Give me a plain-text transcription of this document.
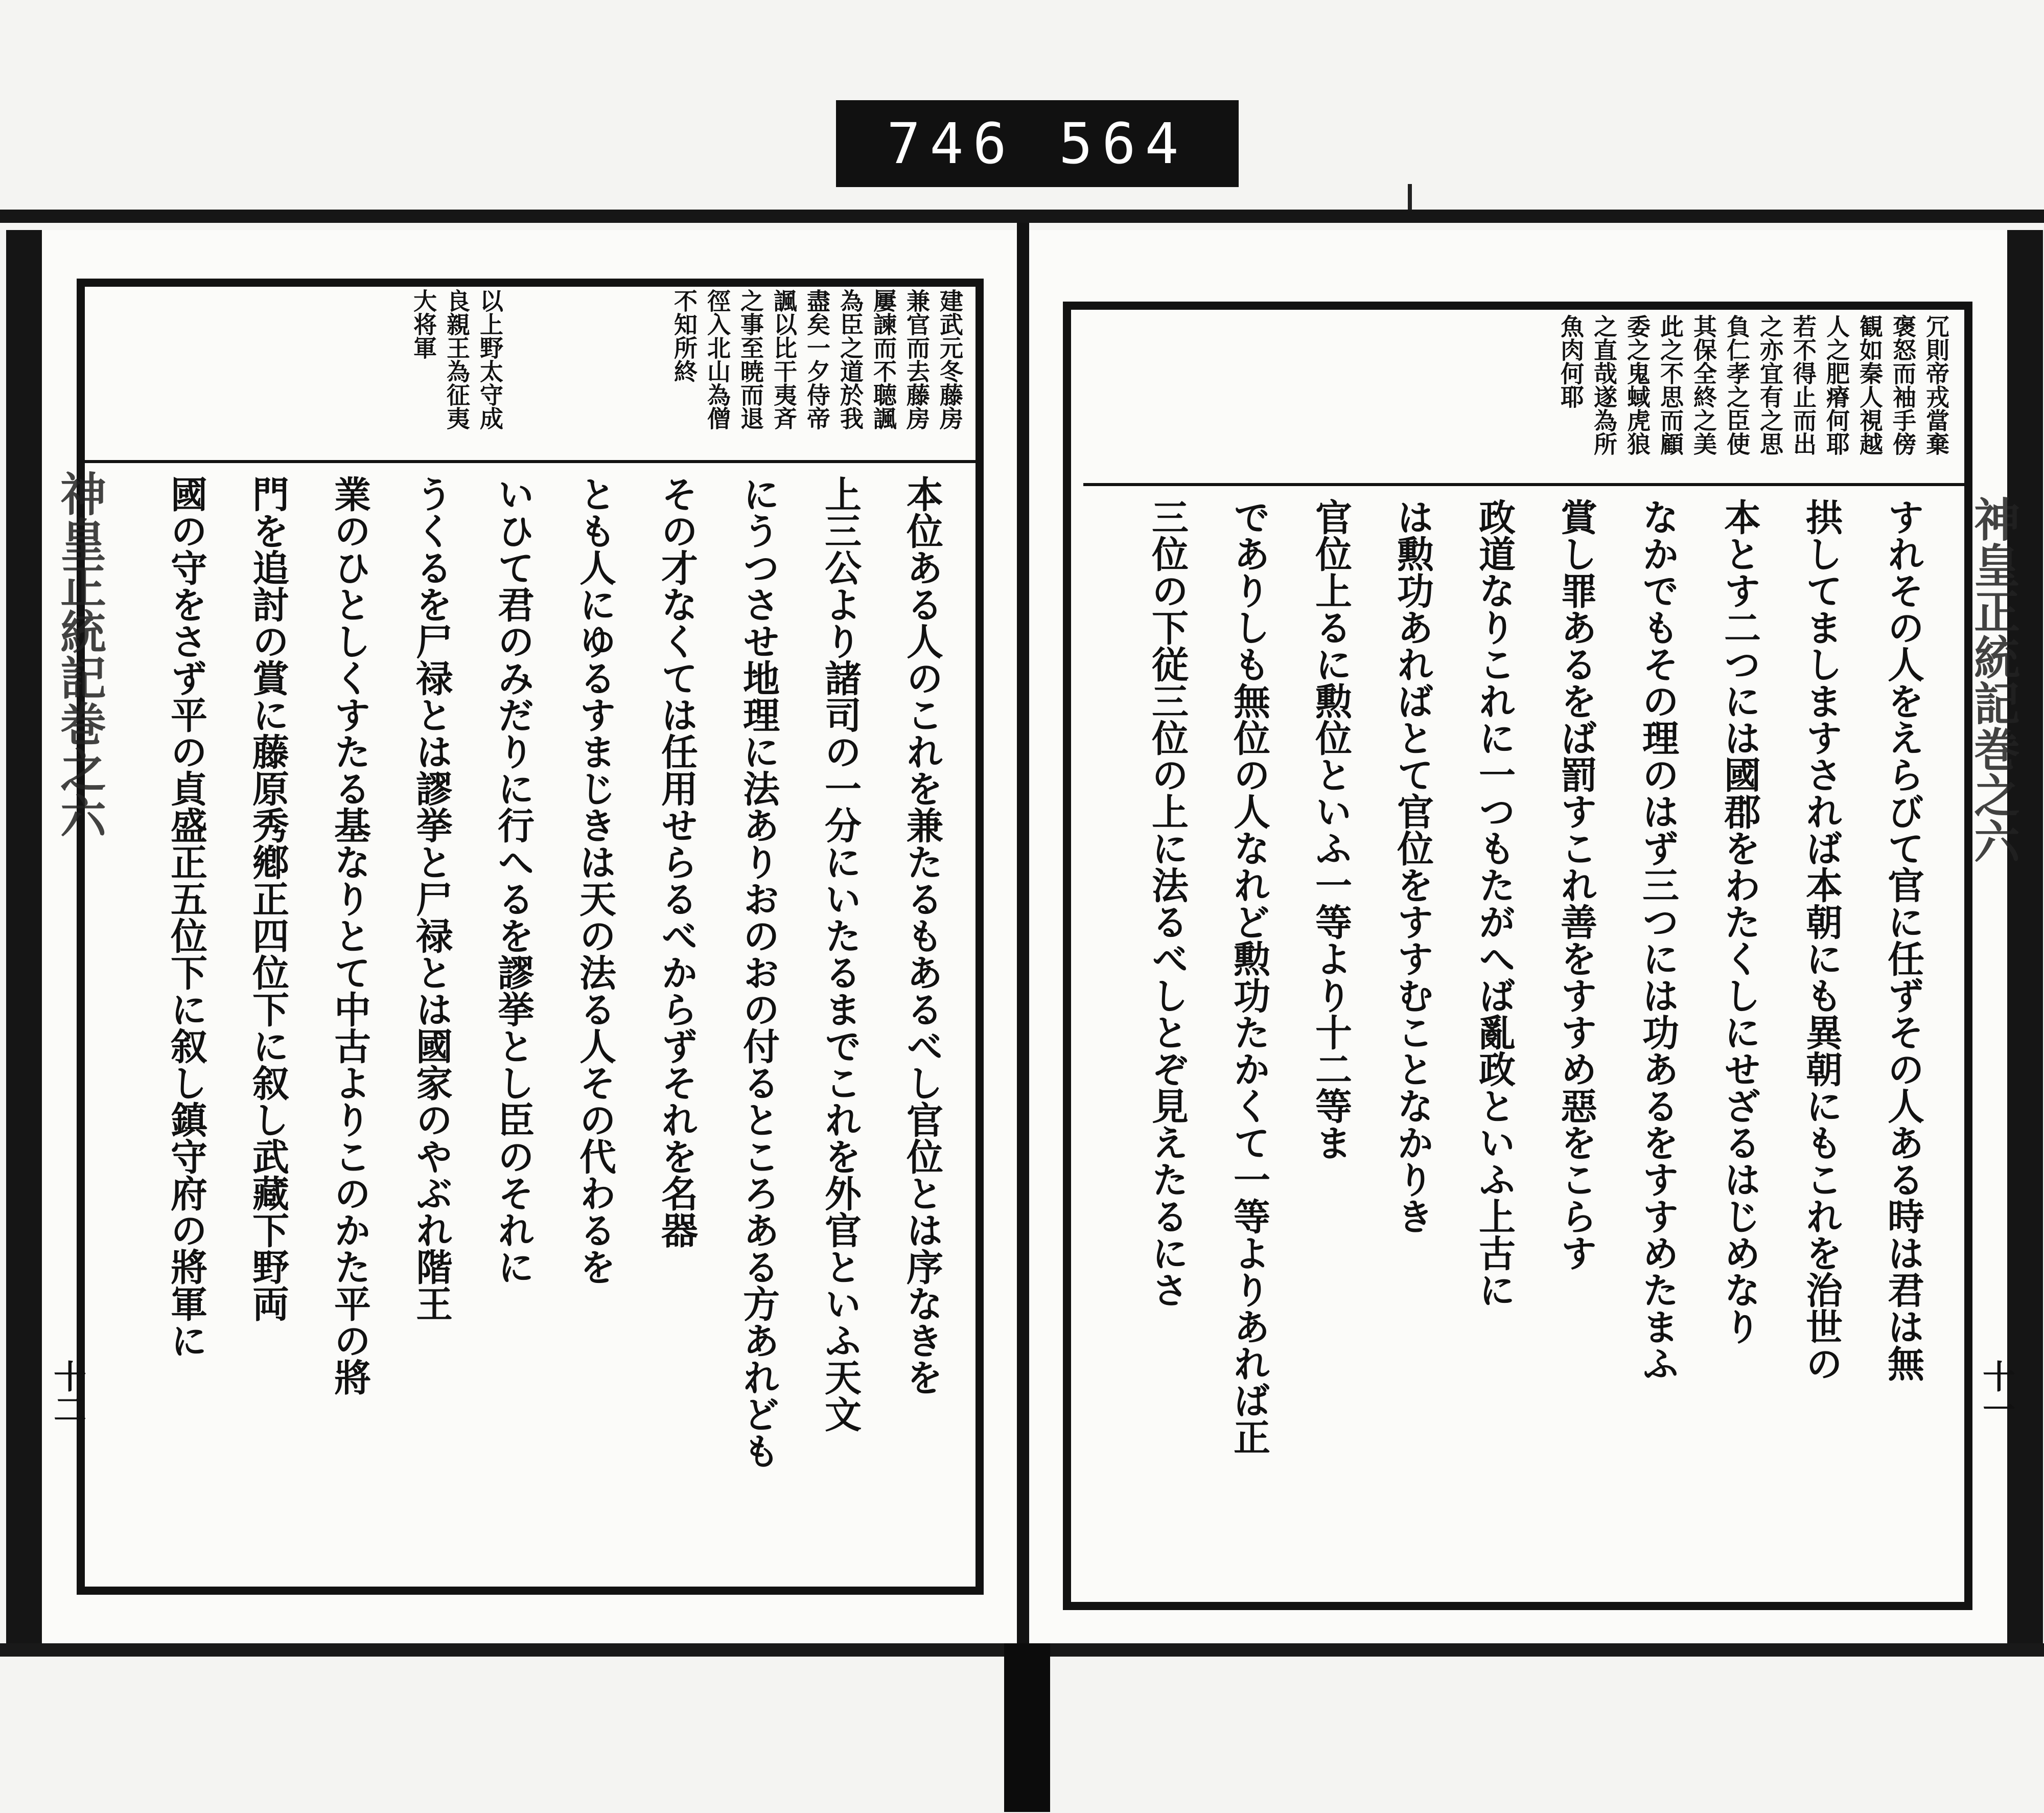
746 564
神皇正統記巻之六
十二
建武元冬藤房
兼官而去藤房
屢諫而不聴諷
為臣之道於我
盡矣一夕侍帝
諷以比干夷斉
之事至暁而退
徑入北山為僧
不知所終
以上野太守成
良親王為征夷
大将軍
本位ある人のこれを兼たるもあるべし官位とは序なきを
上三公より諸司の一分にいたるまでこれを外官といふ天文
にうつさせ地理に法ありおのおの付るところある方あれども
その才なくては任用せらるべからずそれを名器
とも人にゆるすまじきは天の法る人その代わるを
いひて君のみだりに行へるを謬挙とし臣のそれに
うくるを尸禄とは謬挙と尸禄とは國家のやぶれ階王
業のひとしくすたる基なりとて中古よりこのかた平の將
門を追討の賞に藤原秀鄕正四位下に叙し武藏下野両
國の守をさず平の貞盛正五位下に叙し鎮守府の將軍に	神皇正統記巻之六
十一
冗則帝戎當棄
褒怒而袖手傍
観如秦人視越
人之肥瘠何耶
若不得止而出
之亦宜有之思
負仁孝之臣使
其保全終之美
此之不思而顧
委之鬼蜮虎狼
之直哉遂為所
魚肉何耶
すれその人をえらびて官に任ずその人ある時は君は無
拱してましますされば本朝にも異朝にもこれを治世の
本とす二つには國郡をわたくしにせざるはじめなり
なかでもその理のはず三つには功あるをすすめたまふ
賞し罪あるをば罰すこれ善をすすめ惡をこらす
政道なりこれに一つもたがへば亂政といふ上古に
は勲功あればとて官位をすすむことなかりき
官位上るに勲位といふ一等より十二等ま
でありしも無位の人なれど勲功たかくて一等よりあれば正
三位の下従三位の上に法るべしとぞ見えたるにさ
